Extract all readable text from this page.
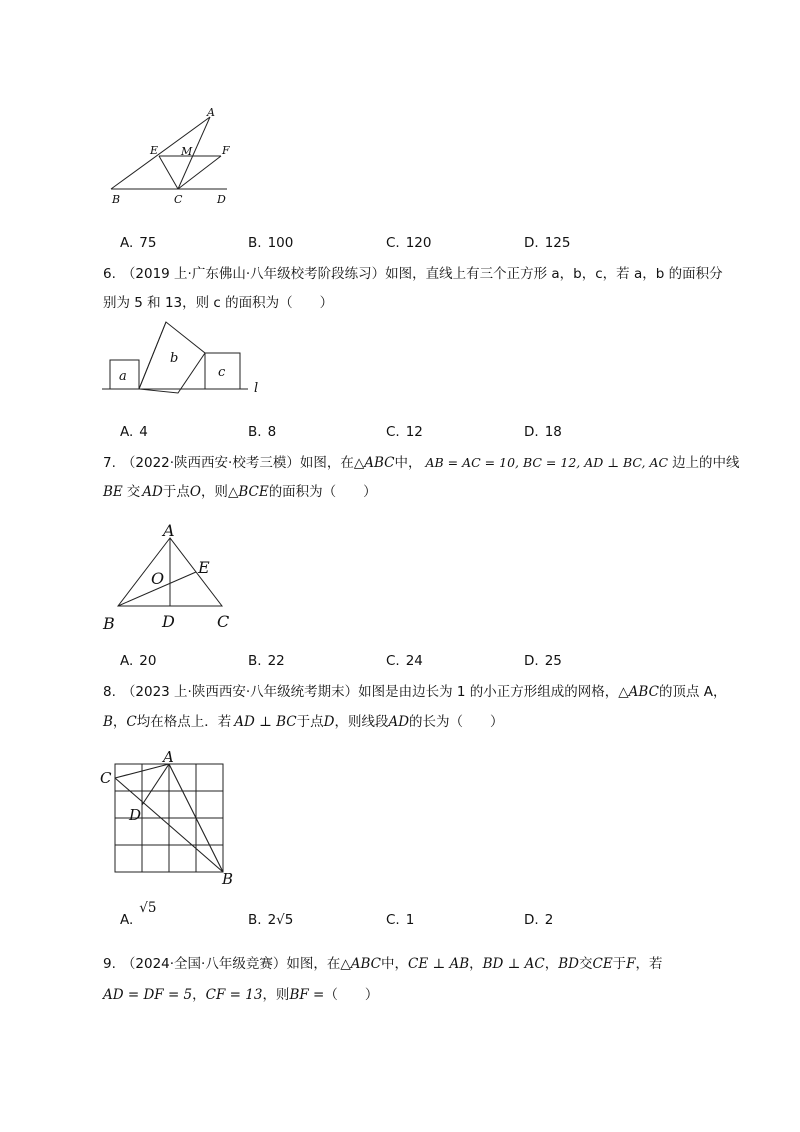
A
E M	F
B	C	D
A. 75	B. 100	C. 120	D. 125
6. （2019 上·广东佛山·八年级校考阶段练习）如图，直线上有三个正方形 a，b，c，若 a，b 的面积分
别为 5 和 13，则 c 的面积为（　　）
a
b
c
l
A. 4	B. 8	C. 12	D. 18
7. （2022·陕西西安·校考三模）如图，在△ABC中， AB = AC = 10, BC = 12, AD ⊥ BC, AC 边上的中线
BE 交 AD于点O，则△BCE的面积为（　　）
A
E
O
B	D	C
A. 20	B. 22	C. 24	D. 25
8. （2023 上·陕西西安·八年级统考期末）如图是由边长为 1 的小正方形组成的网格，△ABC的顶点 A，
B，C均在格点上．若 AD ⊥ BC于点D，则线段AD的长为（　　）
A
C
D
B
A.√5
B. 2√5	C. 1	D. 2
9. （2024·全国·八年级竞赛）如图，在△ABC中，CE ⊥ AB，BD ⊥ AC，BD交CE于F，若
AD = DF = 5，CF = 13，则BF =（　　）
